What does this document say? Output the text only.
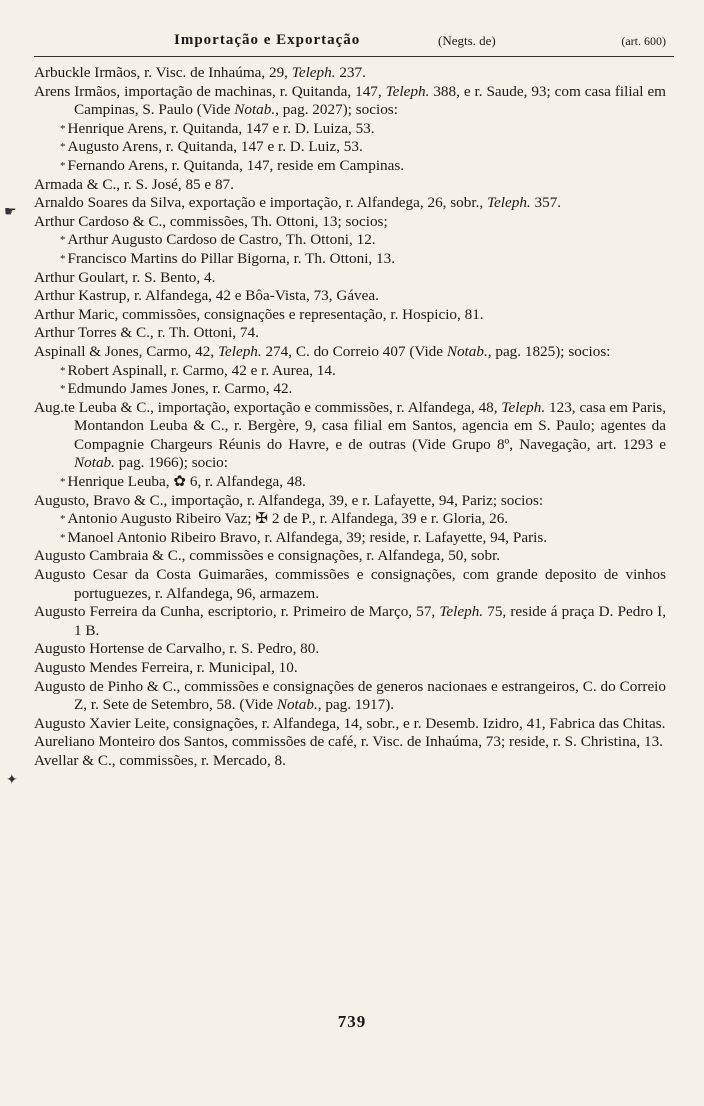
Importação e Exportação	(Negts. de)	(art. 600)
☛
✦

Arbuckle Irmãos, r. Visc. de Inhaúma, 29, Teleph. 237.

Arens Irmãos, importação de machinas, r. Quitanda, 147, Teleph. 388, e r. Saude, 93; com casa filial em Campinas, S. Paulo (Vide Notab., pag. 2027); socios:

* Henrique Arens, r. Quitanda, 147 e r. D. Luiza, 53.

* Augusto Arens, r. Quitanda, 147 e r. D. Luiz, 53.

* Fernando Arens, r. Quitanda, 147, reside em Campinas.

Armada & C., r. S. José, 85 e 87.

Arnaldo Soares da Silva, exportação e importação, r. Alfandega, 26, sobr., Teleph. 357.

Arthur Cardoso & C., commissões, Th. Ottoni, 13; socios;

* Arthur Augusto Cardoso de Castro, Th. Ottoni, 12.

* Francisco Martins do Pillar Bigorna, r. Th. Ottoni, 13.

Arthur Goulart, r. S. Bento, 4.

Arthur Kastrup, r. Alfandega, 42 e Bôa-Vista, 73, Gávea.

Arthur Maric, commissões, consignações e representação, r. Hospicio, 81.

Arthur Torres & C., r. Th. Ottoni, 74.

Aspinall & Jones, Carmo, 42, Teleph. 274, C. do Correio 407 (Vide Notab., pag. 1825); socios:

* Robert Aspinall, r. Carmo, 42 e r. Aurea, 14.

* Edmundo James Jones, r. Carmo, 42.

Aug.te Leuba & C., importação, exportação e commissões, r. Alfandega, 48, Teleph. 123, casa em Paris, Montandon Leuba & C., r. Bergère, 9, casa filial em Santos, agencia em S. Paulo; agentes da Compagnie Chargeurs Réunis do Havre, e de outras (Vide Grupo 8º, Navegação, art. 1293 e Notab. pag. 1966); socio:

* Henrique Leuba, ✿ 6, r. Alfandega, 48.

Augusto, Bravo & C., importação, r. Alfandega, 39, e r. Lafayette, 94, Pariz; socios:

* Antonio Augusto Ribeiro Vaz; ✠ 2 de P., r. Alfandega, 39 e r. Gloria, 26.

* Manoel Antonio Ribeiro Bravo, r. Alfandega, 39; reside, r. Lafayette, 94, Paris.

Augusto Cambraia & C., commissões e consignações, r. Alfandega, 50, sobr.

Augusto Cesar da Costa Guimarães, commissões e consignações, com grande deposito de vinhos portuguezes, r. Alfandega, 96, armazem.

Augusto Ferreira da Cunha, escriptorio, r. Primeiro de Março, 57, Teleph. 75, reside á praça D. Pedro I, 1 B.

Augusto Hortense de Carvalho, r. S. Pedro, 80.

Augusto Mendes Ferreira, r. Municipal, 10.

Augusto de Pinho & C., commissões e consignações de generos nacionaes e estrangeiros, C. do Correio Z, r. Sete de Setembro, 58. (Vide Notab., pag. 1917).

Augusto Xavier Leite, consignações, r. Alfandega, 14, sobr., e r. Desemb. Izidro, 41, Fabrica das Chitas.

Aureliano Monteiro dos Santos, commissões de café, r. Visc. de Inhaúma, 73; reside, r. S. Christina, 13.

Avellar & C., commissões, r. Mercado, 8.

739
